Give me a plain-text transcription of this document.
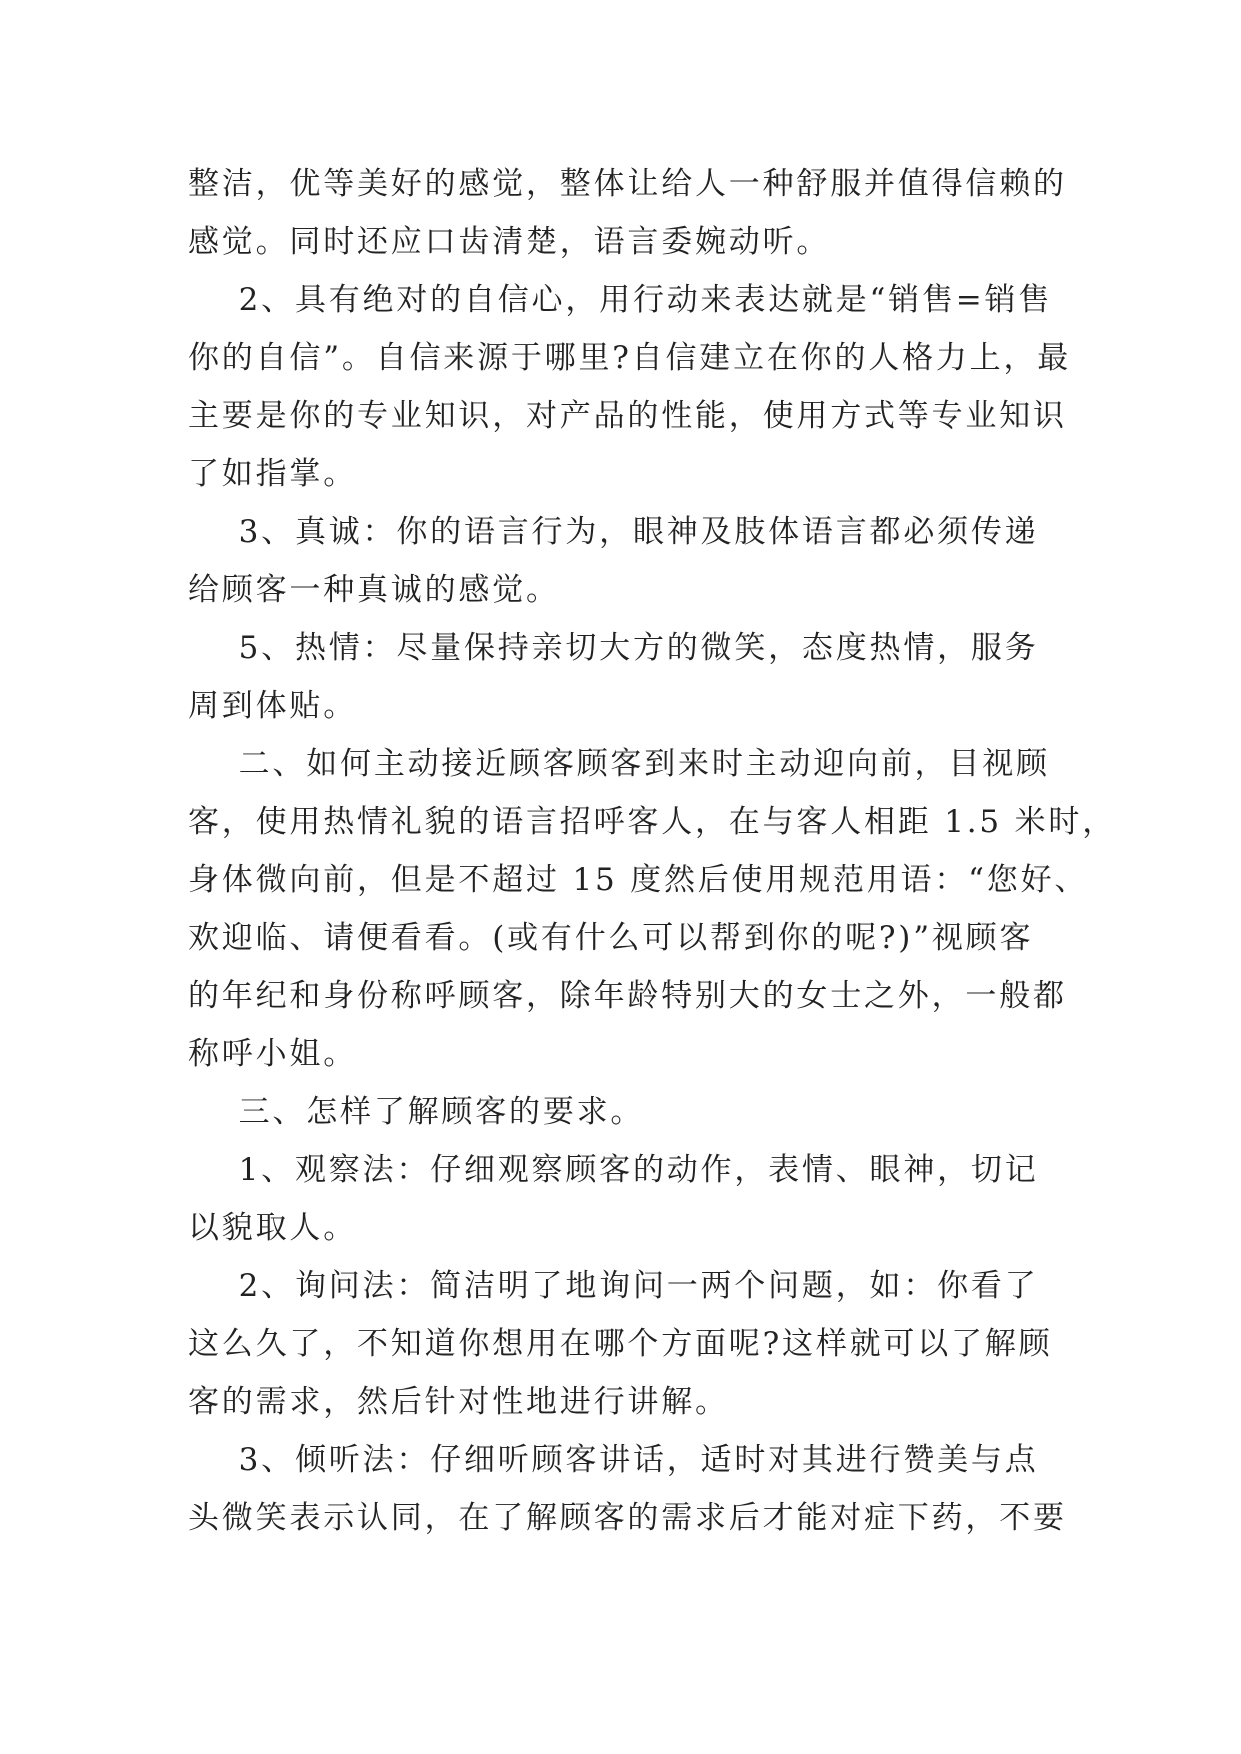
整洁，优等美好的感觉，整体让给人一种舒服并值得信赖的

感觉。同时还应口齿清楚，语言委婉动听。

2、具有绝对的自信心，用行动来表达就是“销售=销售

你的自信”。自信来源于哪里?自信建立在你的人格力上，最

主要是你的专业知识，对产品的性能，使用方式等专业知识

了如指掌。

3、真诚：你的语言行为，眼神及肢体语言都必须传递

给顾客一种真诚的感觉。

5、热情：尽量保持亲切大方的微笑，态度热情，服务

周到体贴。

二、如何主动接近顾客顾客到来时主动迎向前，目视顾

客，使用热情礼貌的语言招呼客人，在与客人相距 1.5 米时，

身体微向前，但是不超过 15 度然后使用规范用语：“您好、

欢迎临、请便看看。(或有什么可以帮到你的呢?)”视顾客

的年纪和身份称呼顾客，除年龄特别大的女士之外，一般都

称呼小姐。

三、怎样了解顾客的要求。

1、观察法：仔细观察顾客的动作，表情、眼神，切记

以貌取人。

2、询问法：简洁明了地询问一两个问题，如：你看了

这么久了，不知道你想用在哪个方面呢?这样就可以了解顾

客的需求，然后针对性地进行讲解。

3、倾听法：仔细听顾客讲话，适时对其进行赞美与点

头微笑表示认同，在了解顾客的需求后才能对症下药，不要
